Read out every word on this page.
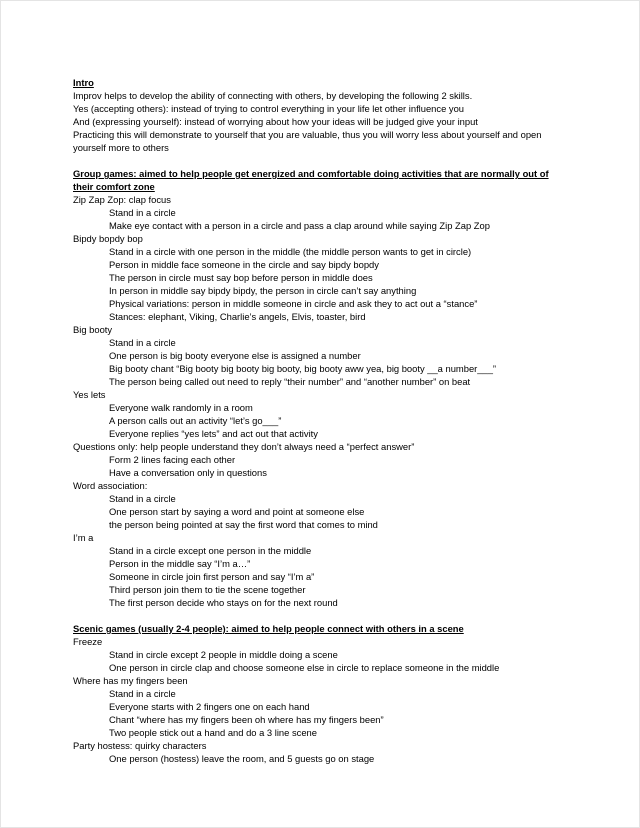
Intro
Improv helps to develop the ability of connecting with others, by developing the following 2 skills.
Yes (accepting others): instead of trying to control everything in your life let other influence you
And (expressing yourself): instead of worrying about how your ideas will be judged give your input
Practicing this will demonstrate to yourself that you are valuable, thus you will worry less about yourself and open yourself more to others
Group games: aimed to help people get energized and comfortable doing activities that are normally out of their comfort zone
Zip Zap Zop: clap focus
Stand in a circle
Make eye contact with a person in a circle and pass a clap around while saying Zip Zap Zop
Bipdy bopdy bop
Stand in a circle with one person in the middle (the middle person wants to get in circle)
Person in middle face someone in the circle and say bipdy bopdy
The person in circle must say bop before person in middle does
In person in middle say bipdy bipdy, the person in circle can’t say anything
Physical variations: person in middle someone in circle and ask they to act out a “stance”
Stances: elephant, Viking, Charlie’s angels, Elvis, toaster, bird
Big booty
Stand in a circle
One person is big booty everyone else is assigned a number
Big booty chant “Big booty big booty big booty, big booty aww yea, big booty __a number___”
The person being called out need to reply “their number” and “another number” on beat
Yes lets
Everyone walk randomly in a room
A person calls out an activity “let’s go___”
Everyone replies “yes lets” and act out that activity
Questions only: help people understand they don’t always need a “perfect answer”
Form 2 lines facing each other
Have a conversation only in questions
Word association:
Stand in a circle
One person start by saying a word and point at someone else
the person being pointed at say the first word that comes to mind
I’m a
Stand in a circle except one person in the middle
Person in the middle say “I’m a…”
Someone in circle join first person and say “I’m a”
Third person join them to tie the scene together
The first person decide who stays on for the next round
Scenic games (usually 2-4 people): aimed to help people connect with others in a scene
Freeze
Stand in circle except 2 people in middle doing a scene
One person in circle clap and choose someone else in circle to replace someone in the middle
Where has my fingers been
Stand in a circle
Everyone starts with 2 fingers one on each hand
Chant “where has my fingers been oh where has my fingers been”
Two people stick out a hand and do a 3 line scene
Party hostess: quirky characters
One person (hostess) leave the room, and 5 guests go on stage
